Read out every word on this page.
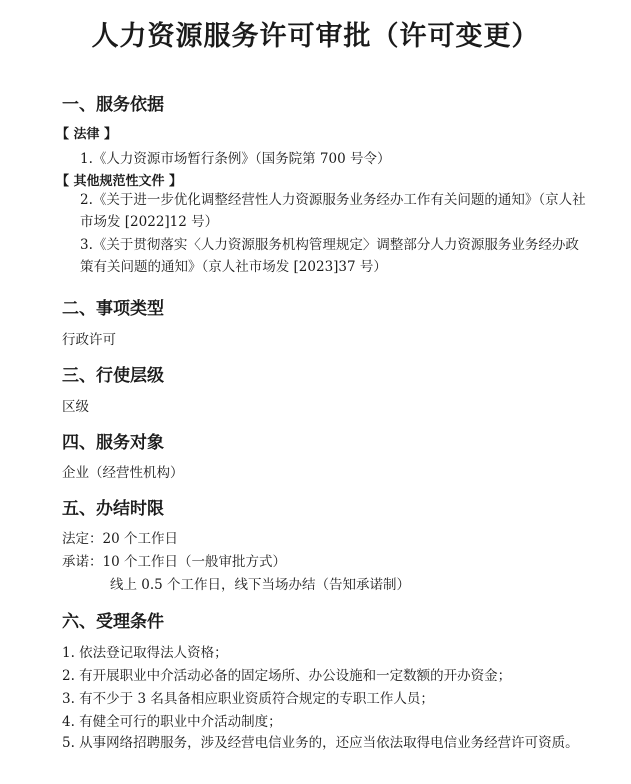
人力资源服务许可审批（许可变更）
一、服务依据
【 法律 】
1.《人力资源市场暂行条例》（国务院第 700 号令）
【 其他规范性文件 】
2.《关于进一步优化调整经营性人力资源服务业务经办工作有关问题的通知》（京人社市场发 [2022]12 号）
3.《关于贯彻落实〈人力资源服务机构管理规定〉调整部分人力资源服务业务经办政策有关问题的通知》（京人社市场发 [2023]37 号）
二、事项类型
行政许可
三、行使层级
区级
四、服务对象
企业（经营性机构）
五、办结时限
法定：20 个工作日
承诺：10 个工作日（一般审批方式）
线上 0.5 个工作日，线下当场办结（告知承诺制）
六、受理条件
1. 依法登记取得法人资格；
2. 有开展职业中介活动必备的固定场所、办公设施和一定数额的开办资金；
3. 有不少于 3 名具备相应职业资质符合规定的专职工作人员；
4. 有健全可行的职业中介活动制度；
5. 从事网络招聘服务，涉及经营电信业务的，还应当依法取得电信业务经营许可资质。
